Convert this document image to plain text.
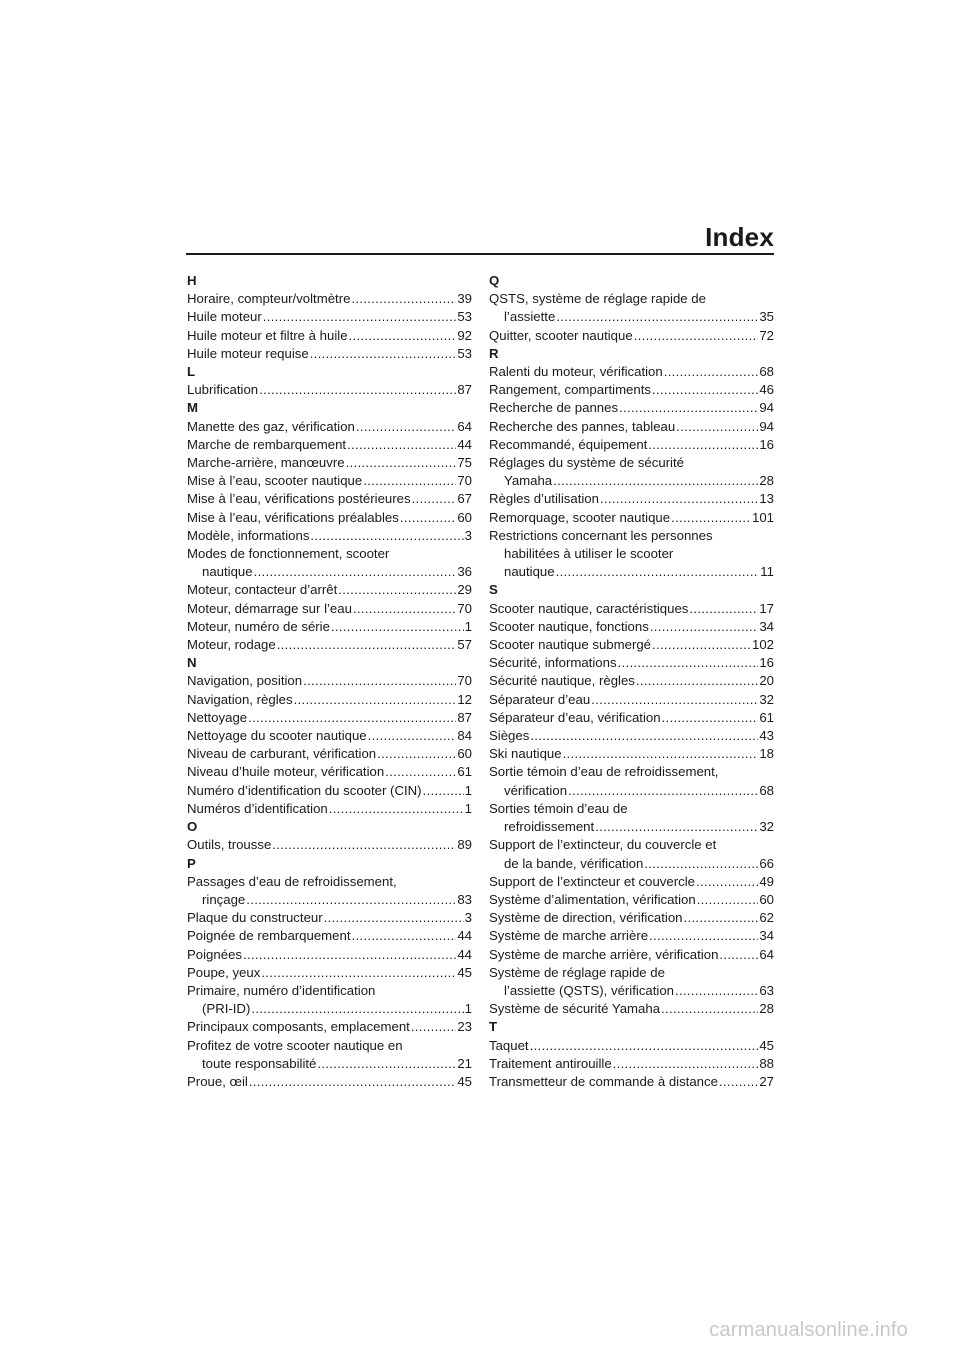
Index
H
Horaire, compteur/voltmètre .....	39
Huile moteur .....	53
Huile moteur et filtre à huile .....	92
Huile moteur requise .....	53
L
Lubrification .....	87
M
Manette des gaz, vérification .....	64
Marche de rembarquement .....	44
Marche-arrière, manœuvre .....	75
Mise à l’eau, scooter nautique .....	70
Mise à l’eau, vérifications postérieures .....	67
Mise à l’eau, vérifications préalables .....	60
Modèle, informations .....	3
Modes de fonctionnement, scooter
nautique .....	36
Moteur, contacteur d’arrêt .....	29
Moteur, démarrage sur l’eau .....	70
Moteur, numéro de série .....	1
Moteur, rodage .....	57
N
Navigation, position .....	70
Navigation, règles .....	12
Nettoyage .....	87
Nettoyage du scooter nautique .....	84
Niveau de carburant, vérification .....	60
Niveau d’huile moteur, vérification .....	61
Numéro d’identification du scooter (CIN) .....	1
Numéros d’identification .....	1
O
Outils, trousse .....	89
P
Passages d’eau de refroidissement,
rinçage .....	83
Plaque du constructeur .....	3
Poignée de rembarquement .....	44
Poignées .....	44
Poupe, yeux .....	45
Primaire, numéro d’identification
(PRI-ID) .....	1
Principaux composants, emplacement .....	23
Profitez de votre scooter nautique en
toute responsabilité .....	21
Proue, œil .....	45
Q
QSTS, système de réglage rapide de
l’assiette .....	35
Quitter, scooter nautique .....	72
R
Ralenti du moteur, vérification .....	68
Rangement, compartiments .....	46
Recherche de pannes .....	94
Recherche des pannes, tableau .....	94
Recommandé, équipement .....	16
Réglages du système de sécurité
Yamaha .....	28
Règles d’utilisation .....	13
Remorquage, scooter nautique .....	101
Restrictions concernant les personnes
habilitées à utiliser le scooter
nautique .....	11
S
Scooter nautique, caractéristiques .....	17
Scooter nautique, fonctions .....	34
Scooter nautique submergé .....	102
Sécurité, informations .....	16
Sécurité nautique, règles .....	20
Séparateur d’eau .....	32
Séparateur d’eau, vérification .....	61
Sièges .....	43
Ski nautique .....	18
Sortie témoin d’eau de refroidissement,
vérification .....	68
Sorties témoin d’eau de
refroidissement .....	32
Support de l’extincteur, du couvercle et
de la bande, vérification .....	66
Support de l’extincteur et couvercle .....	49
Système d’alimentation, vérification .....	60
Système de direction, vérification .....	62
Système de marche arrière .....	34
Système de marche arrière, vérification .....	64
Système de réglage rapide de
l’assiette (QSTS), vérification .....	63
Système de sécurité Yamaha .....	28
T
Taquet .....	45
Traitement antirouille .....	88
Transmetteur de commande à distance .....	27
carmanualsonline.info
